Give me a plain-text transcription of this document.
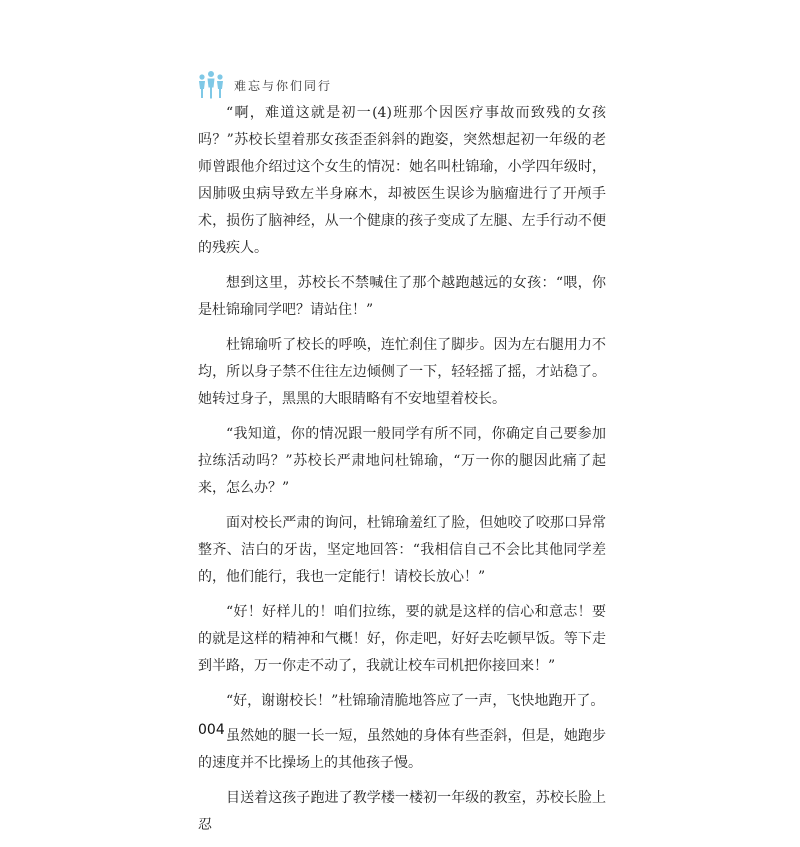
难忘与你们同行

“啊，难道这就是初一(4)班那个因医疗事故而致残的女孩吗？”苏校长望着那女孩歪歪斜斜的跑姿，突然想起初一年级的老师曾跟他介绍过这个女生的情况：她名叫杜锦瑜，小学四年级时，因肺吸虫病导致左半身麻木，却被医生误诊为脑瘤进行了开颅手术，损伤了脑神经，从一个健康的孩子变成了左腿、左手行动不便的残疾人。

想到这里，苏校长不禁喊住了那个越跑越远的女孩：“喂，你是杜锦瑜同学吧？请站住！”

杜锦瑜听了校长的呼唤，连忙刹住了脚步。因为左右腿用力不均，所以身子禁不住往左边倾侧了一下，轻轻摇了摇，才站稳了。她转过身子，黑黑的大眼睛略有不安地望着校长。

“我知道，你的情况跟一般同学有所不同，你确定自己要参加拉练活动吗？”苏校长严肃地问杜锦瑜，“万一你的腿因此痛了起来，怎么办？”

面对校长严肃的询问，杜锦瑜羞红了脸，但她咬了咬那口异常整齐、洁白的牙齿，坚定地回答：“我相信自己不会比其他同学差的，他们能行，我也一定能行！请校长放心！”

“好！好样儿的！咱们拉练，要的就是这样的信心和意志！要的就是这样的精神和气概！好，你走吧，好好去吃顿早饭。等下走到半路，万一你走不动了，我就让校车司机把你接回来！”

“好，谢谢校长！”杜锦瑜清脆地答应了一声，飞快地跑开了。

虽然她的腿一长一短，虽然她的身体有些歪斜，但是，她跑步的速度并不比操场上的其他孩子慢。

目送着这孩子跑进了教学楼一楼初一年级的教室，苏校长脸上忍

004
